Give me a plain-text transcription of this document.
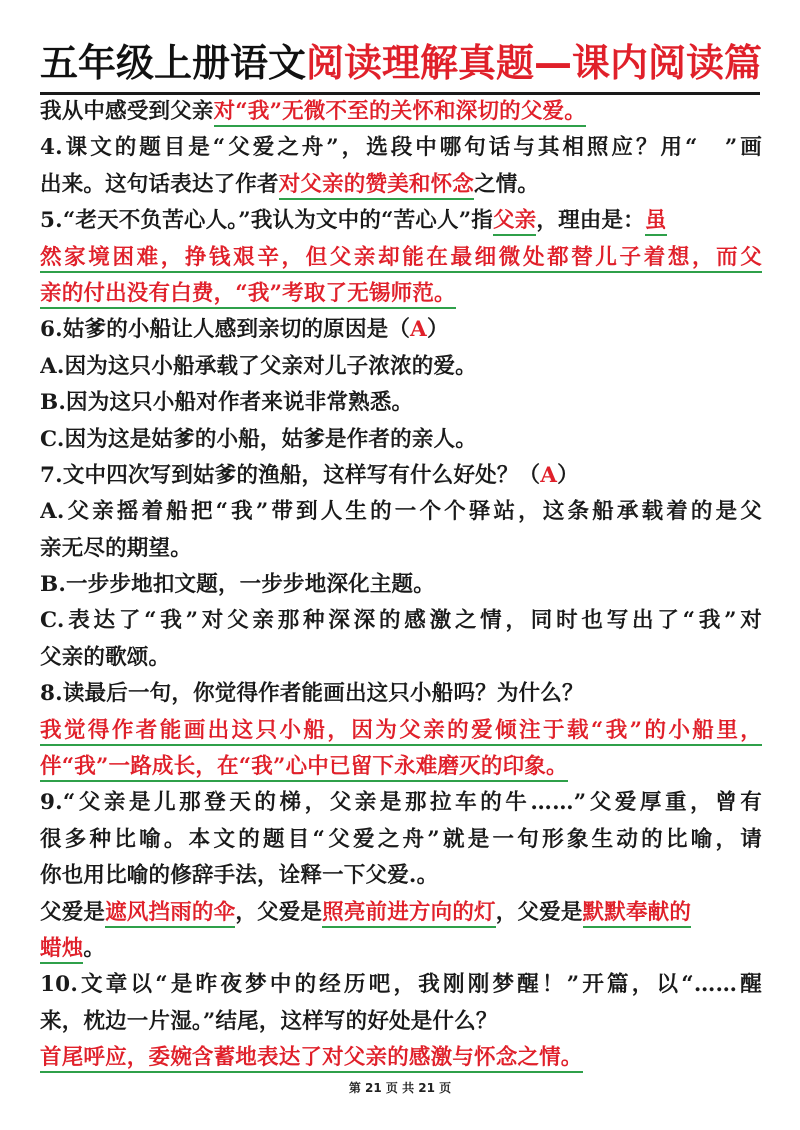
五年级上册语文阅读理解真题—课内阅读篇
我从中感受到父亲对“我”无微不至的关怀和深切的父爱。
4.课文的题目是“父爱之舟”，选段中哪句话与其相照应？用“　”画
出来。这句话表达了作者对父亲的赞美和怀念之情。
5.“老天不负苦心人。”我认为文中的“苦心人”指父亲，理由是：虽
然家境困难，挣钱艰辛，但父亲却能在最细微处都替儿子着想，而父
亲的付出没有白费，“我”考取了无锡师范。
6.姑爹的小船让人感到亲切的原因是（A）
A.因为这只小船承载了父亲对儿子浓浓的爱。
B.因为这只小船对作者来说非常熟悉。
C.因为这是姑爹的小船，姑爹是作者的亲人。
7.文中四次写到姑爹的渔船，这样写有什么好处？（A）
A.父亲摇着船把“我”带到人生的一个个驿站，这条船承载着的是父
亲无尽的期望。
B.一步步地扣文题，一步步地深化主题。
C.表达了“我”对父亲那种深深的感激之情，同时也写出了“我”对
父亲的歌颂。
8.读最后一句，你觉得作者能画出这只小船吗？为什么？
我觉得作者能画出这只小船，因为父亲的爱倾注于载“我”的小船里，
伴“我”一路成长，在“我”心中已留下永难磨灭的印象。
9.“父亲是儿那登天的梯，父亲是那拉车的牛……”父爱厚重，曾有
很多种比喻。本文的题目“父爱之舟”就是一句形象生动的比喻，请
你也用比喻的修辞手法，诠释一下父爱.。
父爱是遮风挡雨的伞，父爱是照亮前进方向的灯，父爱是默默奉献的
蜡烛。
10.文章以“是昨夜梦中的经历吧，我刚刚梦醒！”开篇，以“……醒
来，枕边一片湿。”结尾，这样写的好处是什么？
首尾呼应，委婉含蓄地表达了对父亲的感激与怀念之情。
第 21 页 共 21 页
